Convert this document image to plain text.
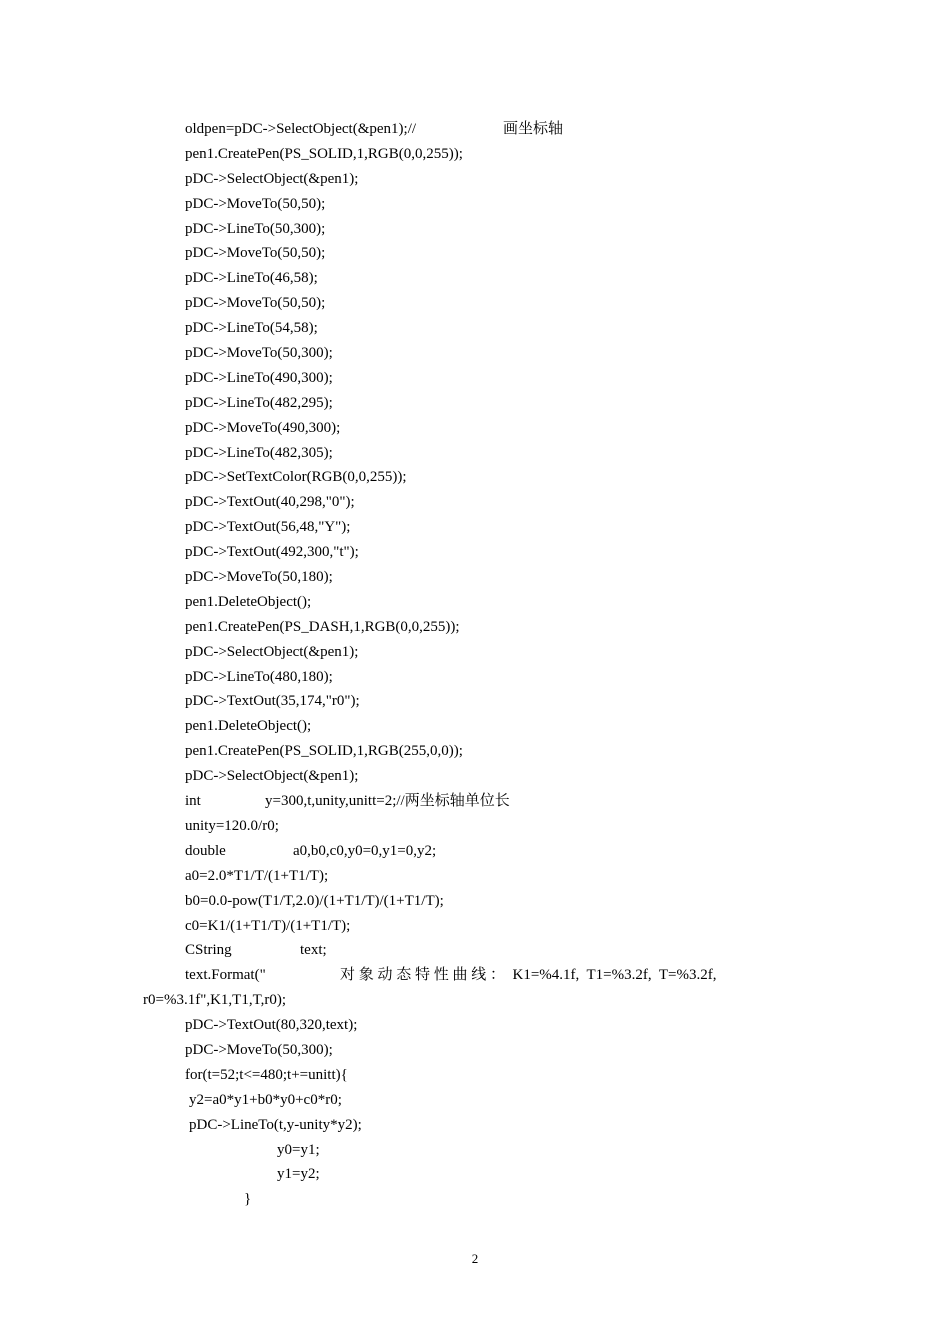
oldpen=pDC->SelectObject(&pen1);//	画坐标轴
pen1.CreatePen(PS_SOLID,1,RGB(0,0,255));
pDC->SelectObject(&pen1);
pDC->MoveTo(50,50);
pDC->LineTo(50,300);
pDC->MoveTo(50,50);
pDC->LineTo(46,58);
pDC->MoveTo(50,50);
pDC->LineTo(54,58);
pDC->MoveTo(50,300);
pDC->LineTo(490,300);
pDC->LineTo(482,295);
pDC->MoveTo(490,300);
pDC->LineTo(482,305);
pDC->SetTextColor(RGB(0,0,255));
pDC->TextOut(40,298,"0");
pDC->TextOut(56,48,"Y");
pDC->TextOut(492,300,"t");
pDC->MoveTo(50,180);
pen1.DeleteObject();
pen1.CreatePen(PS_DASH,1,RGB(0,0,255));
pDC->SelectObject(&pen1);
pDC->LineTo(480,180);
pDC->TextOut(35,174,"r0");
pen1.DeleteObject();
pen1.CreatePen(PS_SOLID,1,RGB(255,0,0));
pDC->SelectObject(&pen1);
int	y=300,t,unity,unitt=2;//两坐标轴单位长
unity=120.0/r0;
double	a0,b0,c0,y0=0,y1=0,y2;
a0=2.0*T1/T/(1+T1/T);
b0=0.0-pow(T1/T,2.0)/(1+T1/T)/(1+T1/T);
c0=K1/(1+T1/T)/(1+T1/T);
CString	text;
text.Format("	对 象 动 态 特 性 曲 线 ：  K1=%4.1f,  T1=%3.2f,  T=%3.2f,
r0=%3.1f",K1,T1,T,r0);
pDC->TextOut(80,320,text);
pDC->MoveTo(50,300);
for(t=52;t<=480;t+=unitt){
y2=a0*y1+b0*y0+c0*r0;
pDC->LineTo(t,y-unity*y2);
y0=y1;
y1=y2;
}
2
